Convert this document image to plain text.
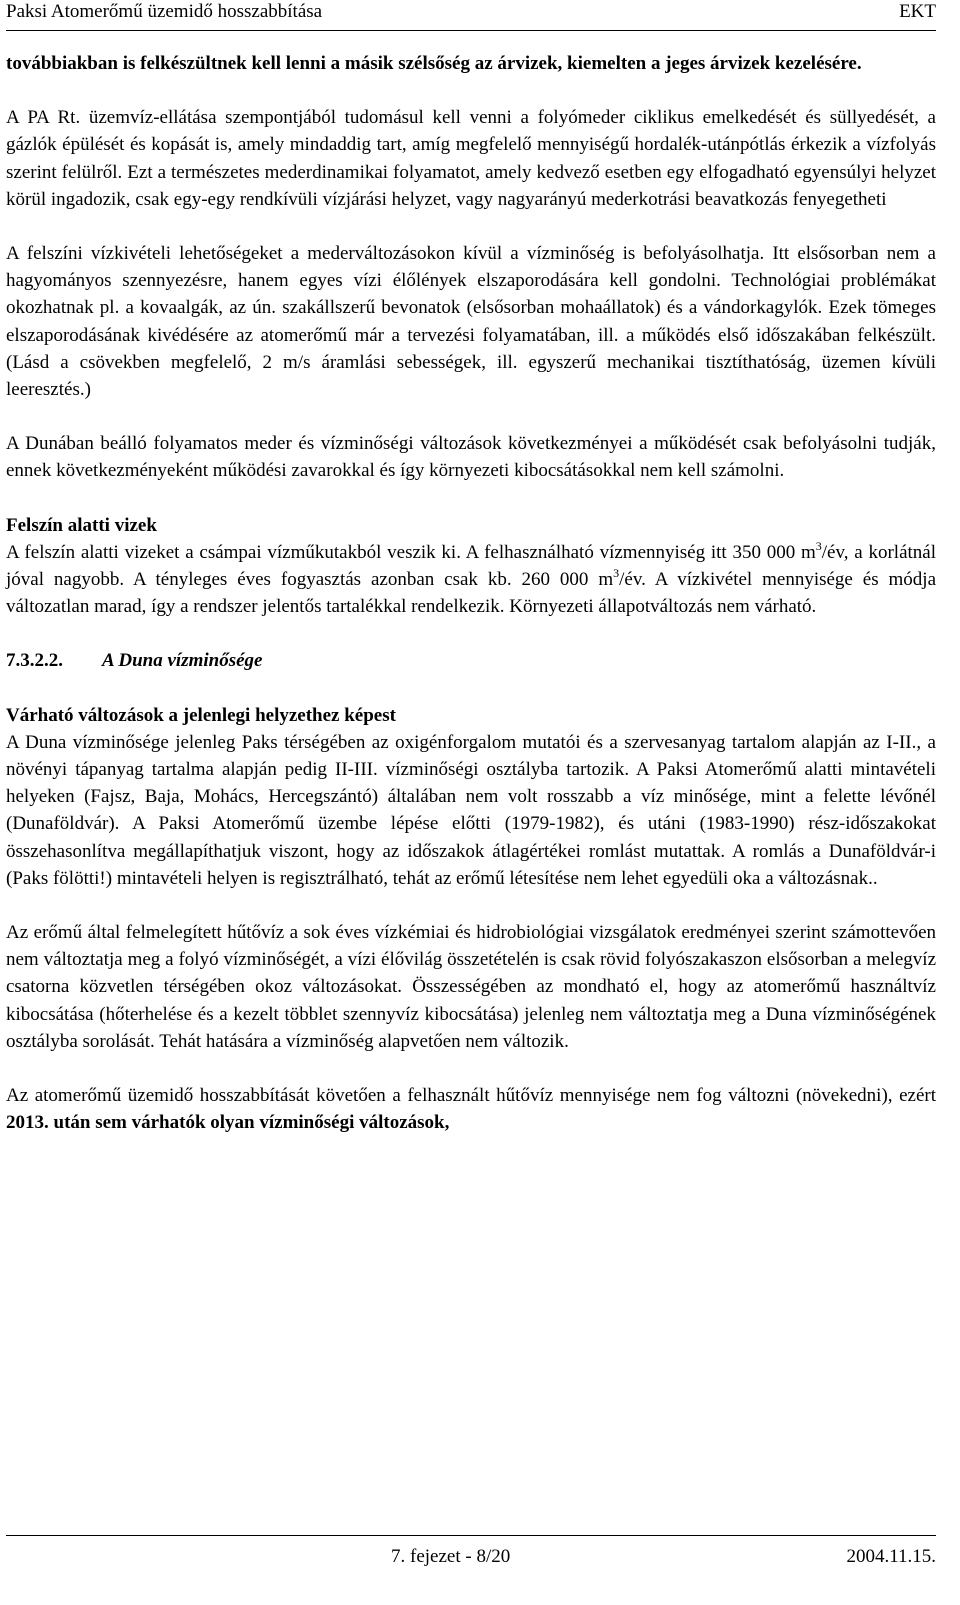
Paksi Atomerőmű üzemidő hosszabbítása	EKT

továbbiakban is felkészültnek kell lenni a másik szélsőség az árvizek, kiemelten a jeges árvizek kezelésére.

A PA Rt. üzemvíz-ellátása szempontjából tudomásul kell venni a folyómeder ciklikus emelkedését és süllyedését, a gázlók épülését és kopását is, amely mindaddig tart, amíg megfelelő mennyiségű hordalék-utánpótlás érkezik a vízfolyás szerint felülről. Ezt a természetes mederdinamikai folyamatot, amely kedvező esetben egy elfogadható egyensúlyi helyzet körül ingadozik, csak egy-egy rendkívüli vízjárási helyzet, vagy nagyarányú mederkotrási beavatkozás fenyegetheti

A felszíni vízkivételi lehetőségeket a mederváltozásokon kívül a vízminőség is befolyásolhatja. Itt elsősorban nem a hagyományos szennyezésre, hanem egyes vízi élőlények elszaporodására kell gondolni. Technológiai problémákat okozhatnak pl. a kovaalgák, az ún. szakállszerű bevonatok (elsősorban mohaállatok) és a vándorkagylók. Ezek tömeges elszaporodásának kivédésére az atomerőmű már a tervezési folyamatában, ill. a működés első időszakában felkészült. (Lásd a csövekben megfelelő, 2 m/s áramlási sebességek, ill. egyszerű mechanikai tisztíthatóság, üzemen kívüli leeresztés.)

A Dunában beálló folyamatos meder és vízminőségi változások következményei a működését csak befolyásolni tudják, ennek következményeként működési zavarokkal és így környezeti kibocsátásokkal nem kell számolni.

Felszín alatti vizek

A felszín alatti vizeket a csámpai vízműkutakból veszik ki. A felhasználható vízmennyiség itt 350 000 $m^3/év$, a korlátnál jóval nagyobb. A tényleges éves fogyasztás azonban csak kb. 260 000 $m^3/év$. A vízkivétel mennyisége és módja változatlan marad, így a rendszer jelentős tartalékkal rendelkezik. Környezeti állapotváltozás nem várható.

7.3.2.2. A Duna vízminősége
Várható változások a jelenlegi helyzethez képest

A Duna vízminősége jelenleg Paks térségében az oxigénforgalom mutatói és a szervesanyag tartalom alapján az I-II., a növényi tápanyag tartalma alapján pedig II-III. vízminőségi osztályba tartozik. A Paksi Atomerőmű alatti mintavételi helyeken (Fajsz, Baja, Mohács, Hercegszántó) általában nem volt rosszabb a víz minősége, mint a felette lévőnél (Dunaföldvár). A Paksi Atomerőmű üzembe lépése előtti (1979-1982), és utáni (1983-1990) rész-időszakokat összehasonlítva megállapíthatjuk viszont, hogy az időszakok átlagértékei romlást mutattak. A romlás a Dunaföldvár-i (Paks fölötti!) mintavételi helyen is regisztrálható, tehát az erőmű létesítése nem lehet egyedüli oka a változásnak..

Az erőmű által felmelegített hűtővíz a sok éves vízkémiai és hidrobiológiai vizsgálatok eredményei szerint számottevően nem változtatja meg a folyó vízminőségét, a vízi élővilág összetételén is csak rövid folyószakaszon elsősorban a melegvíz csatorna közvetlen térségében okoz változásokat. Összességében az mondható el, hogy az atomerőmű használtvíz kibocsátása (hőterhelése és a kezelt többlet szennyvíz kibocsátása) jelenleg nem változtatja meg a Duna vízminőségének osztályba sorolását. Tehát hatására a vízminőség alapvetően nem változik.

Az atomerőmű üzemidő hosszabbítását követően a felhasznált hűtővíz mennyisége nem fog változni (növekedni), ezért 2013. után sem várhatók olyan vízminőségi változások,

7. fejezet - 8/20	2004.11.15.
